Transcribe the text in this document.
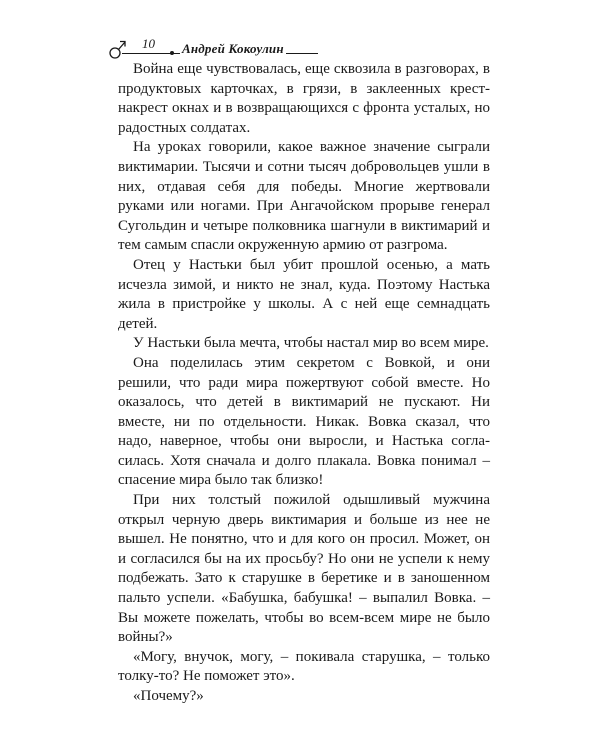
10 Андрей Кокоулин

Война еще чувствовалась, еще сквозила в разговорах, в продуктовых карточках, в грязи, в заклеенных крест-накрест окнах и в возвращающихся с фронта усталых, но радостных солдатах.

На уроках говорили, какое важное значение сыграли виктимарии. Тысячи и сотни тысяч добровольцев ушли в них, отдавая себя для победы. Многие жертвовали руками или ногами. При Ангачойском прорыве генерал Сугольдин и четыре полковника шагнули в виктимарий и тем самым спасли окруженную армию от разгрома.

Отец у Настьки был убит прошлой осенью, а мать исчезла зимой, и никто не знал, куда. Поэтому Настька жила в пристройке у школы. А с ней еще семнадцать детей.

У Настьки была мечта, чтобы настал мир во всем мире.

Она поделилась этим секретом с Вовкой, и они решили, что ради мира пожертвуют собой вместе. Но оказалось, что детей в виктимарий не пускают. Ни вместе, ни по отдельности. Никак. Вовка сказал, что надо, наверное, чтобы они выросли, и Настька согласилась. Хотя сначала и долго плакала. Вовка понимал – спасение мира было так близко!

При них толстый пожилой одышливый мужчина открыл черную дверь виктимария и больше из нее не вышел. Не понятно, что и для кого он просил. Может, он и согласился бы на их просьбу? Но они не успели к нему подбежать. Зато к старушке в беретике и в заношенном пальто успели. «Бабушка, бабушка! – выпалил Вовка. – Вы можете пожелать, чтобы во всем-всем мире не было войны?»

«Могу, внучок, могу, – покивала старушка, – только толку-то? Не поможет это».

«Почему?»
